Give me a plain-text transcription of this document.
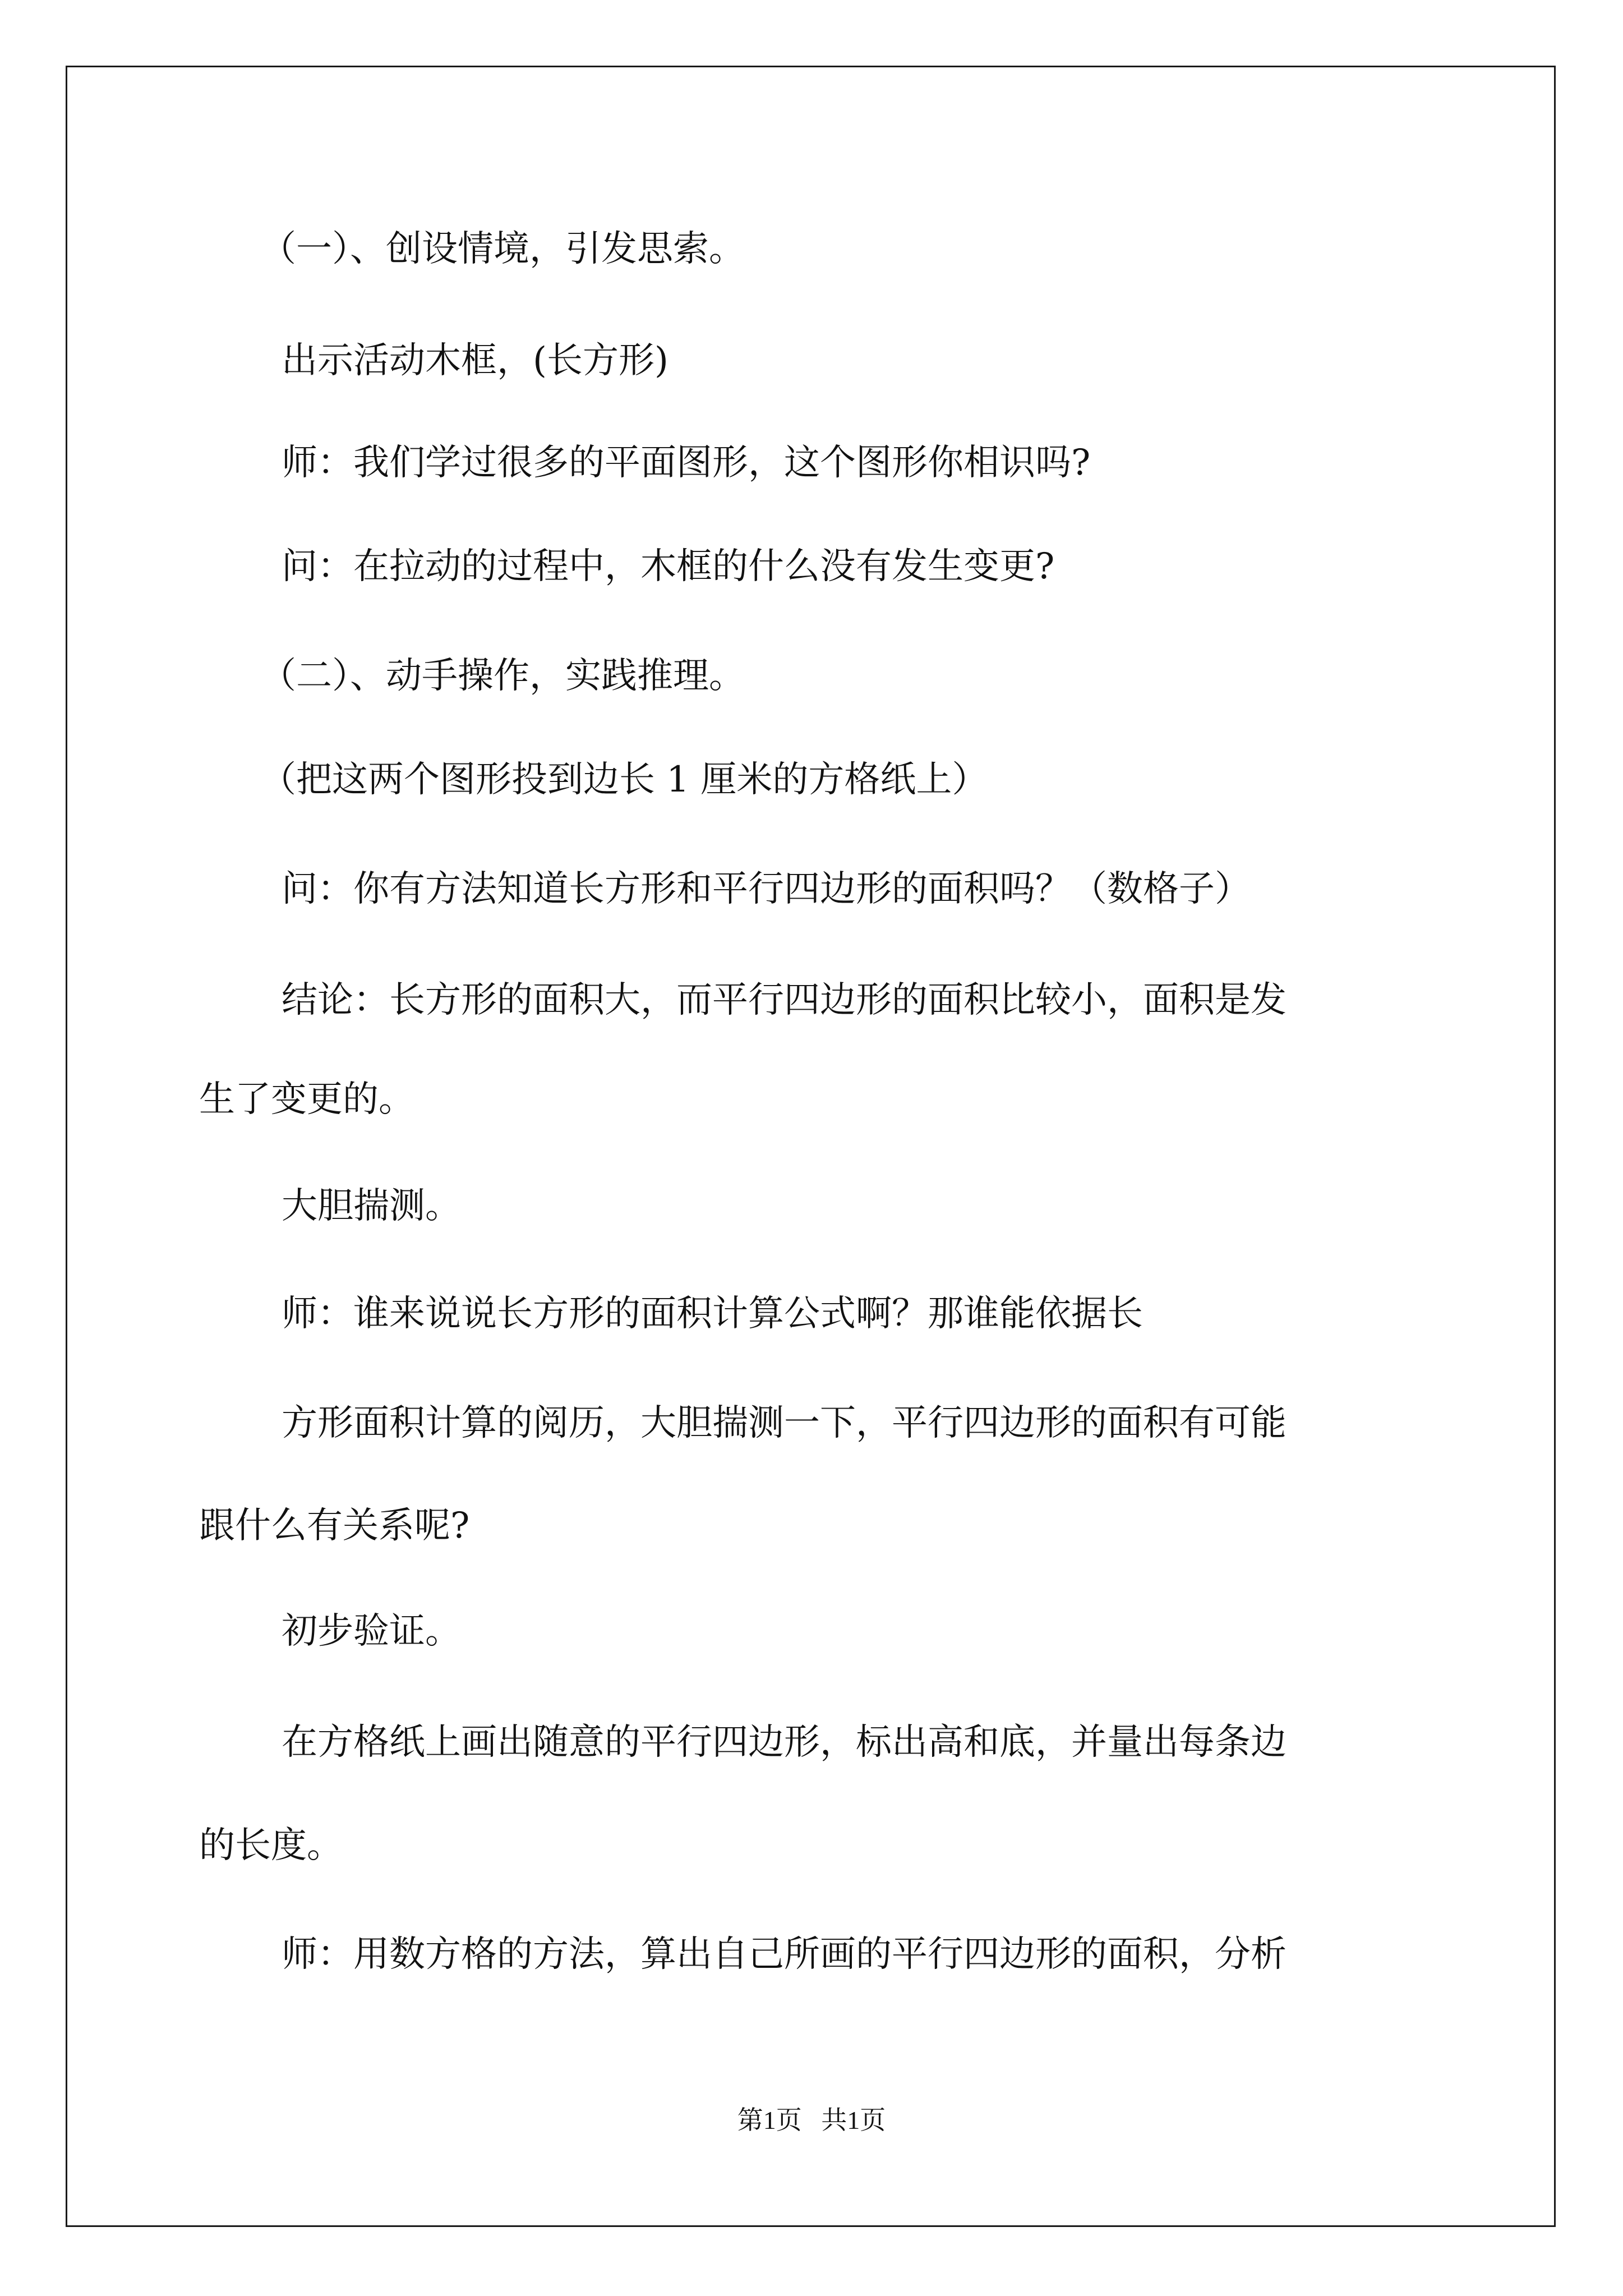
（一）、创设情境，引发思索。

出示活动木框，(长方形)

师：我们学过很多的平面图形，这个图形你相识吗?

问：在拉动的过程中，木框的什么没有发生变更?

（二）、动手操作，实践推理。

（把这两个图形投到边长 1 厘米的方格纸上）

问：你有方法知道长方形和平行四边形的面积吗？（数格子）

结论：长方形的面积大，而平行四边形的面积比较小，面积是发

生了变更的。

大胆揣测。

师：谁来说说长方形的面积计算公式啊？那谁能依据长

方形面积计算的阅历，大胆揣测一下，平行四边形的面积有可能

跟什么有关系呢?

初步验证。

在方格纸上画出随意的平行四边形，标出高和底，并量出每条边

的长度。

师：用数方格的方法，算出自己所画的平行四边形的面积，分析

第1页   共1页
